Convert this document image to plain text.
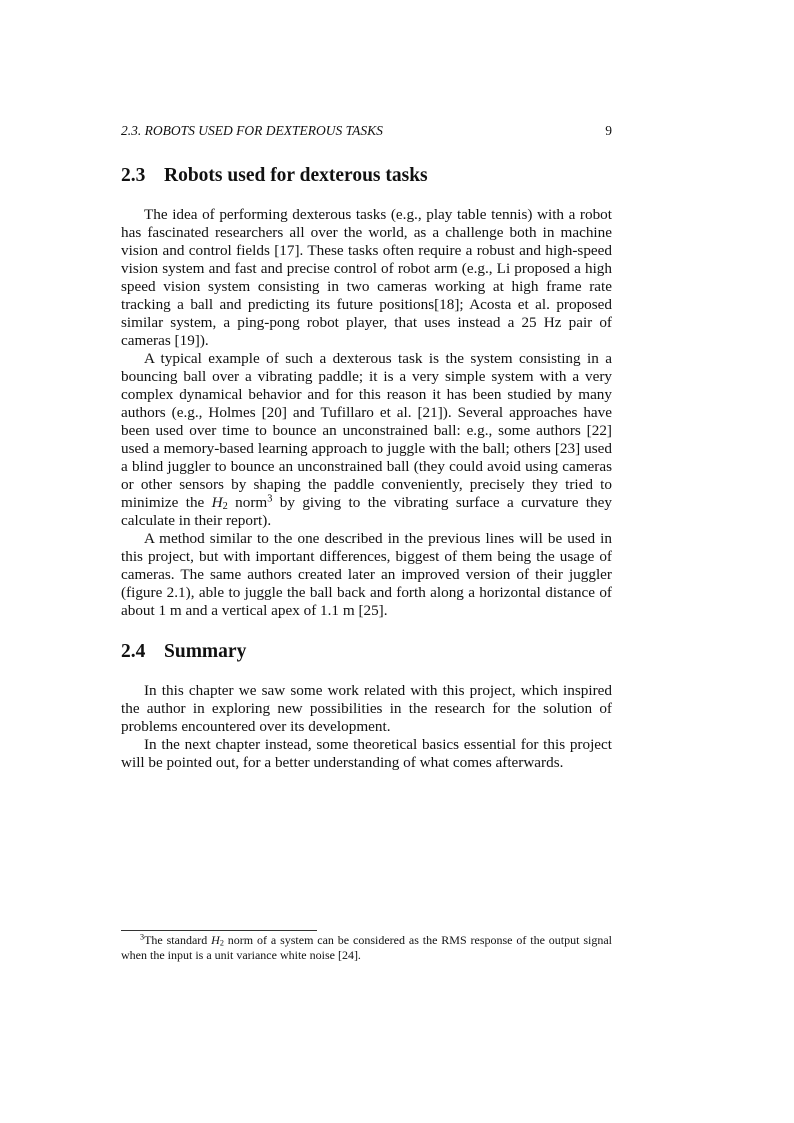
2.3. ROBOTS USED FOR DEXTEROUS TASKS	9
2.3 Robots used for dexterous tasks

The idea of performing dexterous tasks (e.g., play table tennis) with a robot has fascinated researchers all over the world, as a challenge both in machine vision and control fields [17]. These tasks often require a robust and high-speed vision system and fast and precise control of robot arm (e.g., Li proposed a high speed vision system consisting in two cameras working at high frame rate tracking a ball and predicting its future positions[18]; Acosta et al. proposed similar system, a ping-pong robot player, that uses instead a 25 Hz pair of cameras [19]).

A typical example of such a dexterous task is the system consisting in a bouncing ball over a vibrating paddle; it is a very simple system with a very complex dynamical behavior and for this reason it has been studied by many authors (e.g., Holmes [20] and Tufillaro et al. [21]). Several approaches have been used over time to bounce an unconstrained ball: e.g., some authors [22] used a memory-based learning approach to juggle with the ball; others [23] used a blind juggler to bounce an unconstrained ball (they could avoid using cameras or other sensors by shaping the paddle conveniently, precisely they tried to minimize the $H_2$ norm$^3$ by giving to the vibrating surface a curvature they calculate in their report).

A method similar to the one described in the previous lines will be used in this project, but with important differences, biggest of them being the usage of cameras. The same authors created later an improved version of their juggler (figure 2.1), able to juggle the ball back and forth along a horizontal distance of about 1 m and a vertical apex of 1.1 m [25].

2.4 Summary

In this chapter we saw some work related with this project, which inspired the author in exploring new possibilities in the research for the solution of problems encountered over its development.

In the next chapter instead, some theoretical basics essential for this project will be pointed out, for a better understanding of what comes afterwards.

$^3$The standard $H_2$ norm of a system can be considered as the RMS response of the output signal when the input is a unit variance white noise [24].
